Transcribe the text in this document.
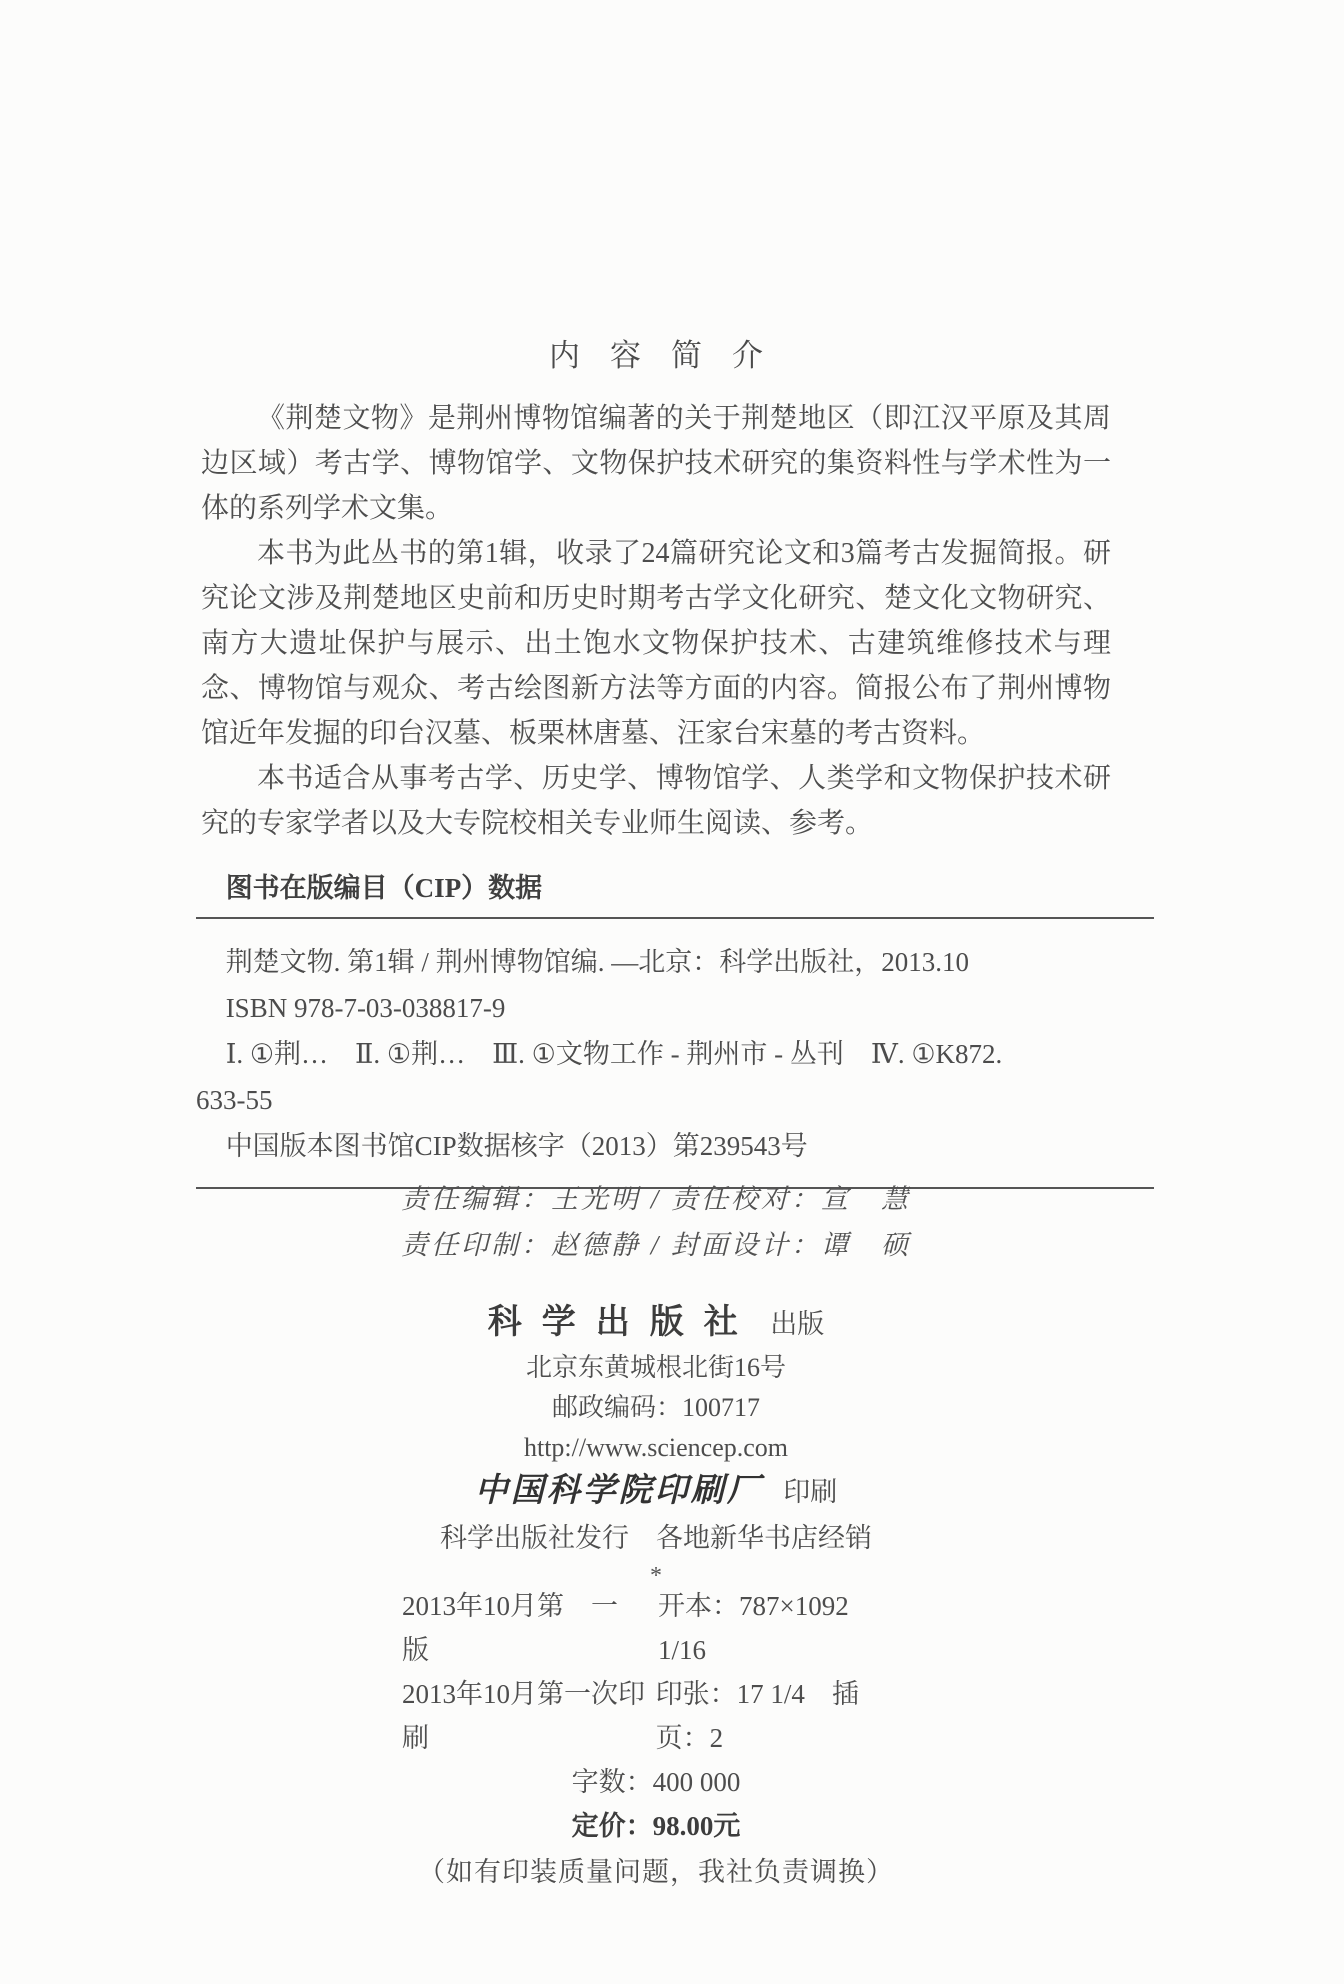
内容简介

《荆楚文物》是荆州博物馆编著的关于荆楚地区（即江汉平原及其周边区域）考古学、博物馆学、文物保护技术研究的集资料性与学术性为一体的系列学术文集。

本书为此丛书的第1辑，收录了24篇研究论文和3篇考古发掘简报。研究论文涉及荆楚地区史前和历史时期考古学文化研究、楚文化文物研究、南方大遗址保护与展示、出土饱水文物保护技术、古建筑维修技术与理念、博物馆与观众、考古绘图新方法等方面的内容。简报公布了荆州博物馆近年发掘的印台汉墓、板栗林唐墓、汪家台宋墓的考古资料。

本书适合从事考古学、历史学、博物馆学、人类学和文物保护技术研究的专家学者以及大专院校相关专业师生阅读、参考。

图书在版编目（CIP）数据
荆楚文物. 第1辑 / 荆州博物馆编. —北京：科学出版社，2013.10
ISBN 978-7-03-038817-9
Ⅰ. ①荆…　Ⅱ. ①荆…　Ⅲ. ①文物工作 - 荆州市 - 丛刊　Ⅳ. ①K872.
633-55
中国版本图书馆CIP数据核字（2013）第239543号
责任编辑：王光明 / 责任校对：宣　慧
责任印制：赵德静 / 封面设计：谭　硕
科学出版社 出版
北京东黄城根北街16号
邮政编码：100717
http://www.sciencep.com
中国科学院印刷厂 印刷
科学出版社发行　各地新华书店经销
*
2013年10月第　一　版
开本：787×1092　1/16
2013年10月第一次印刷
印张：17 1/4　插页：2
字数：400 000
定价：98.00元
（如有印装质量问题，我社负责调换）
